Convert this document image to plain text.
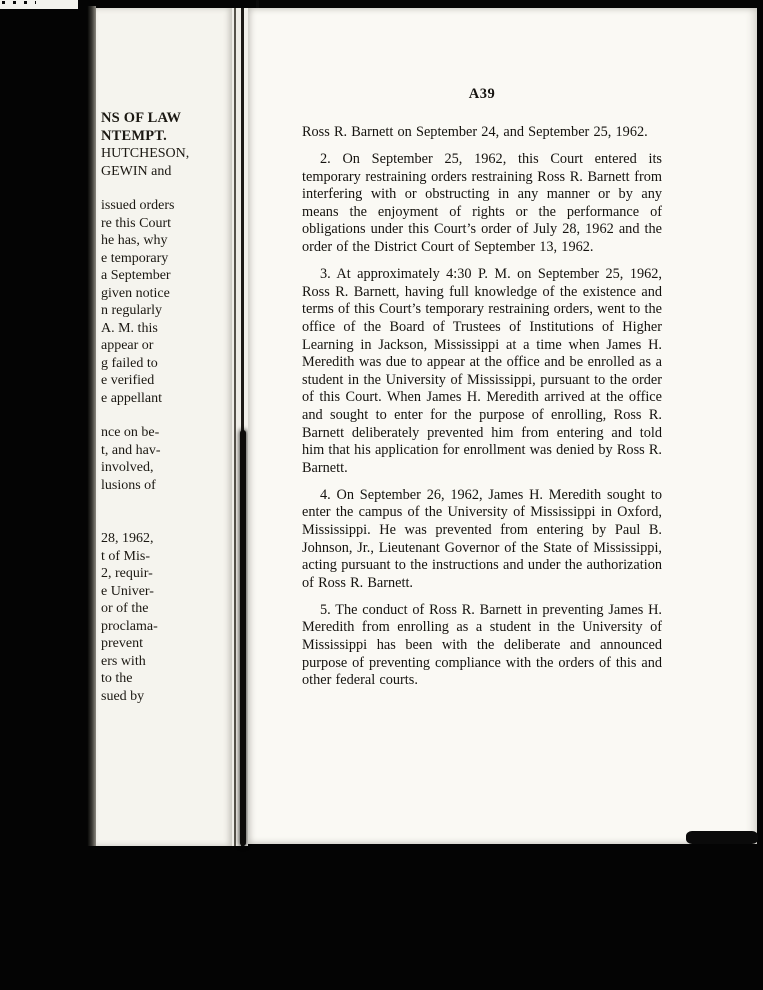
NS OF LAW
NTEMPT.
HUTCHESON,
GEWIN and
issued orders
re this Court
he has, why
e temporary
a September
given notice
n regularly
A. M. this
appear or
g failed to
e verified
e appellant
nce on be-
t, and hav-
involved,
lusions of
28, 1962,
t of Mis-
2, requir-
e Univer-
or of the
proclama-
prevent
ers with
to the
sued by
A39

Ross R. Barnett on September 24, and September 25, 1962.

2. On September 25, 1962, this Court entered its temporary restraining orders restraining Ross R. Barnett from interfering with or obstructing in any manner or by any means the enjoyment of rights or the performance of obligations under this Court’s order of July 28, 1962 and the order of the District Court of September 13, 1962.

3. At approximately 4:30 P. M. on September 25, 1962, Ross R. Barnett, having full knowledge of the existence and terms of this Court’s temporary restraining orders, went to the office of the Board of Trustees of Institutions of Higher Learning in Jackson, Mississippi at a time when James H. Meredith was due to appear at the office and be enrolled as a student in the University of Mississippi, pursuant to the order of this Court. When James H. Meredith arrived at the office and sought to enter for the purpose of enrolling, Ross R. Barnett deliberately prevented him from entering and told him that his application for enrollment was denied by Ross R. Barnett.

4. On September 26, 1962, James H. Meredith sought to enter the campus of the University of Mississippi in Oxford, Mississippi. He was prevented from entering by Paul B. Johnson, Jr., Lieutenant Governor of the State of Mississippi, acting pursuant to the instructions and under the authorization of Ross R. Barnett.

5. The conduct of Ross R. Barnett in preventing James H. Meredith from enrolling as a student in the University of Mississippi has been with the deliberate and announced purpose of preventing compliance with the orders of this and other federal courts.
